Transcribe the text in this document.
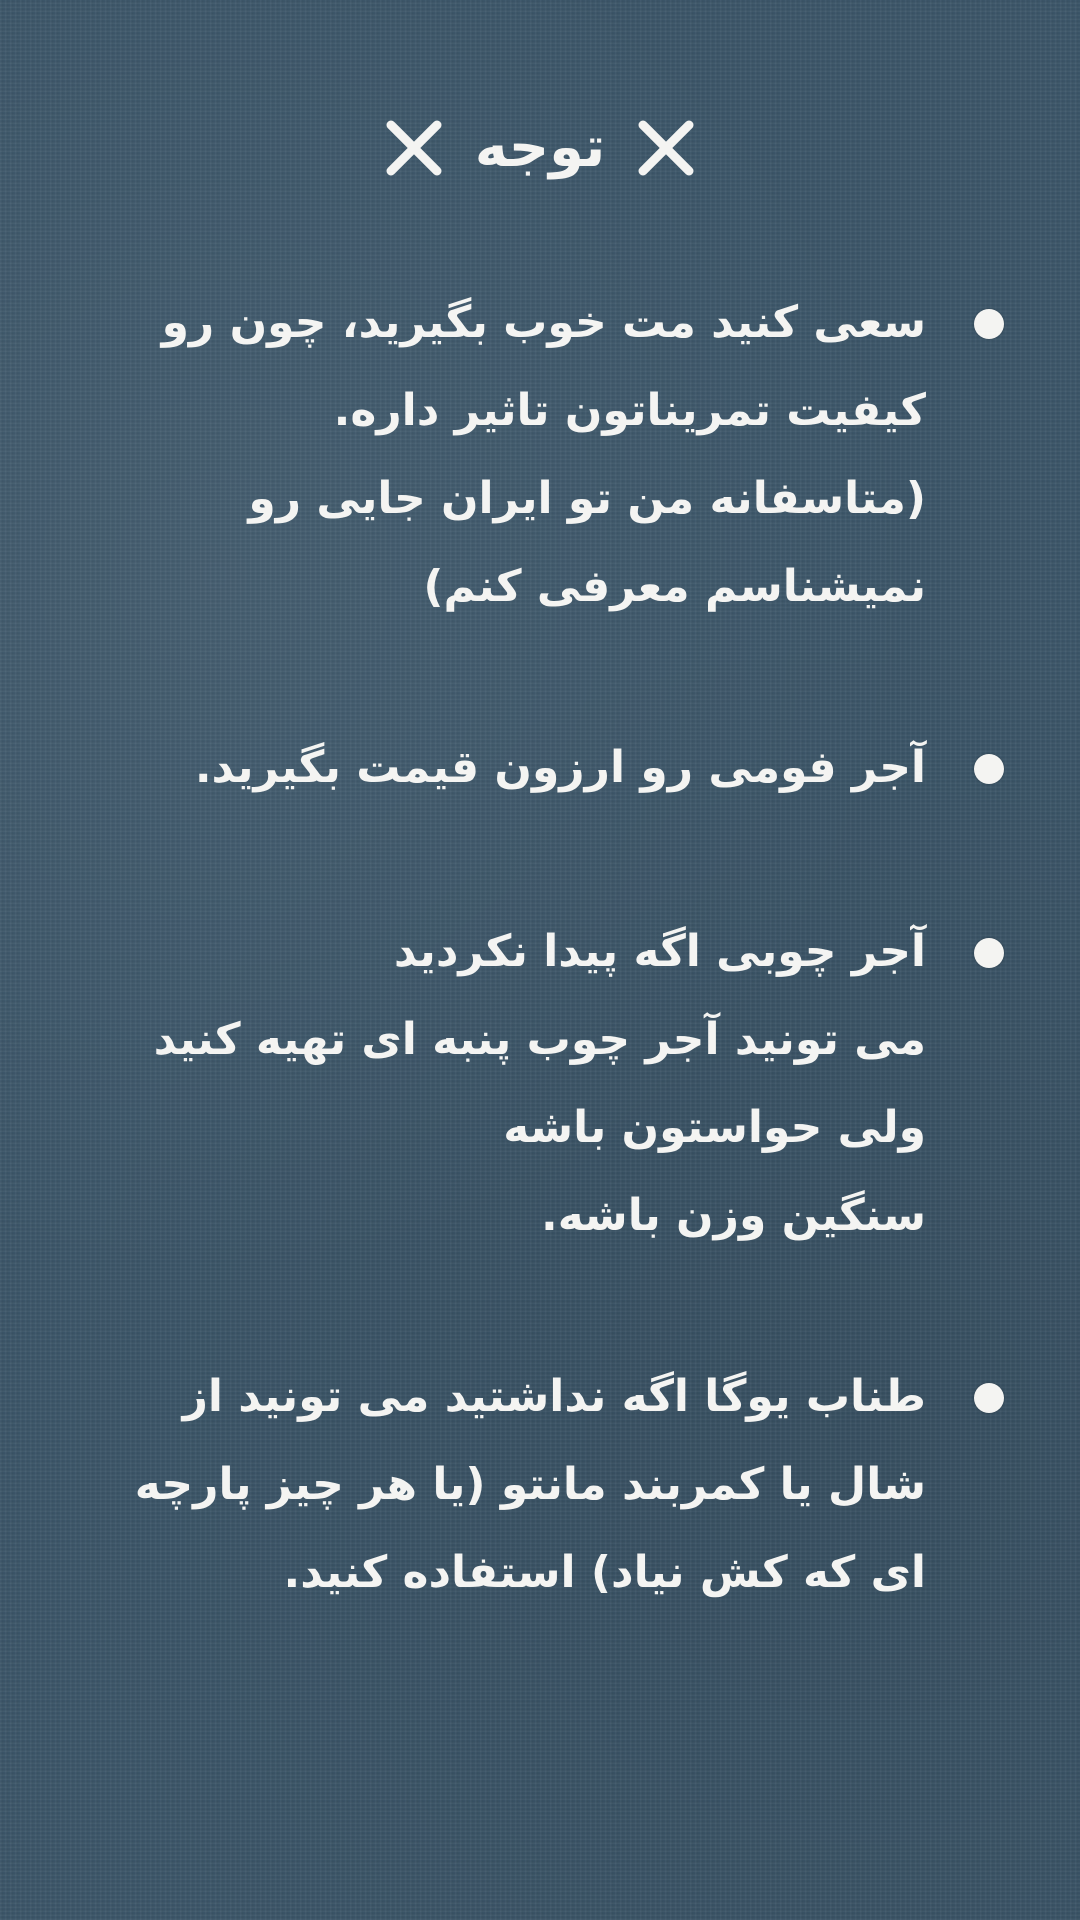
توجه
سعی کنید مت خوب بگیرید، چون رو
کیفیت تمریناتون تاثیر داره.
(متاسفانه من تو ایران جایی رو
نمیشناسم معرفی کنم)
آجر فومی رو ارزون قیمت بگیرید.
آجر چوبی اگه پیدا نکردید
می تونید آجر چوب پنبه ای تهیه کنید
ولی حواستون باشه
سنگین وزن باشه.
طناب یوگا اگه نداشتید می تونید از
شال یا کمربند مانتو (یا هر چیز پارچه
ای که کش نیاد) استفاده کنید.
